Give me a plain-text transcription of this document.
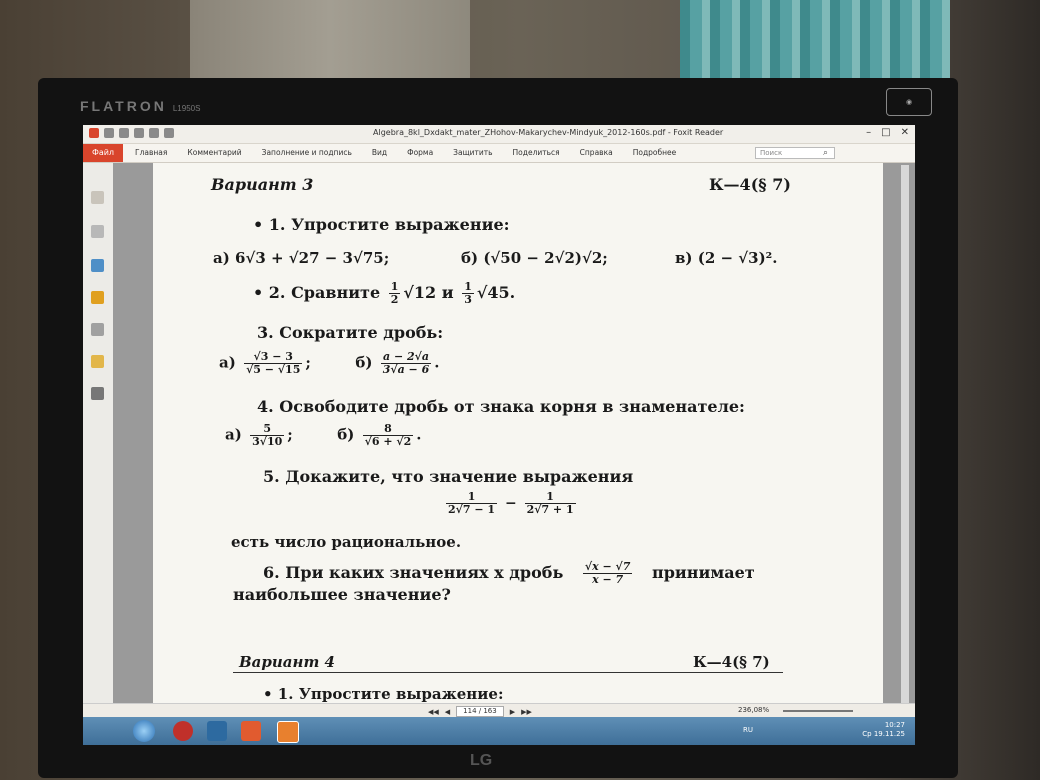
FLATRON L1950S
◉
LG
Algebra_8kl_Dxdakt_mater_ZHohov-Makarychev-Mindyuk_2012-160s.pdf - Foxit Reader	– □ ✕
Файл	Главная	Комментарий	Заполнение и подпись	Вид	Форма	Защитить	Поделиться	Справка	Подробнее	Поиск	⌕
Вариант 3	К—4(§ 7)
• 1. Упростите выражение:
а) 6√3 + √27 − 3√75;	б) (√50 − 2√2)√2;	в) (2 − √3)².
• 2. Сравните $\frac{1}{2} √12$ и $\frac{1}{3} √45$.
3. Сократите дробь:
$а) \frac{√3 - 3}{√5 - √15}$ ;	$б) \frac{a - 2√a}{3√a - 6}$ .
4. Освободите дробь от знака корня в знаменателе:
$а) \frac{5}{3√10}$ ;	$б) \frac{8}{√6 + √2}$ .
5. Докажите, что значение выражения
$\frac{1}{2√7 - 1} - \frac{1}{2√7 + 1}$
есть число рациональное.
6. При каких значениях x дробь $\frac{√x - √7}{x - 7}$ принимает
наибольшее значение?
Вариант 4	К—4(§ 7)
• 1. Упростите выражение:
◀◀ ◀	114 / 163	▶ ▶▶	236,08%
RU
10:27
Ср 19.11.25
